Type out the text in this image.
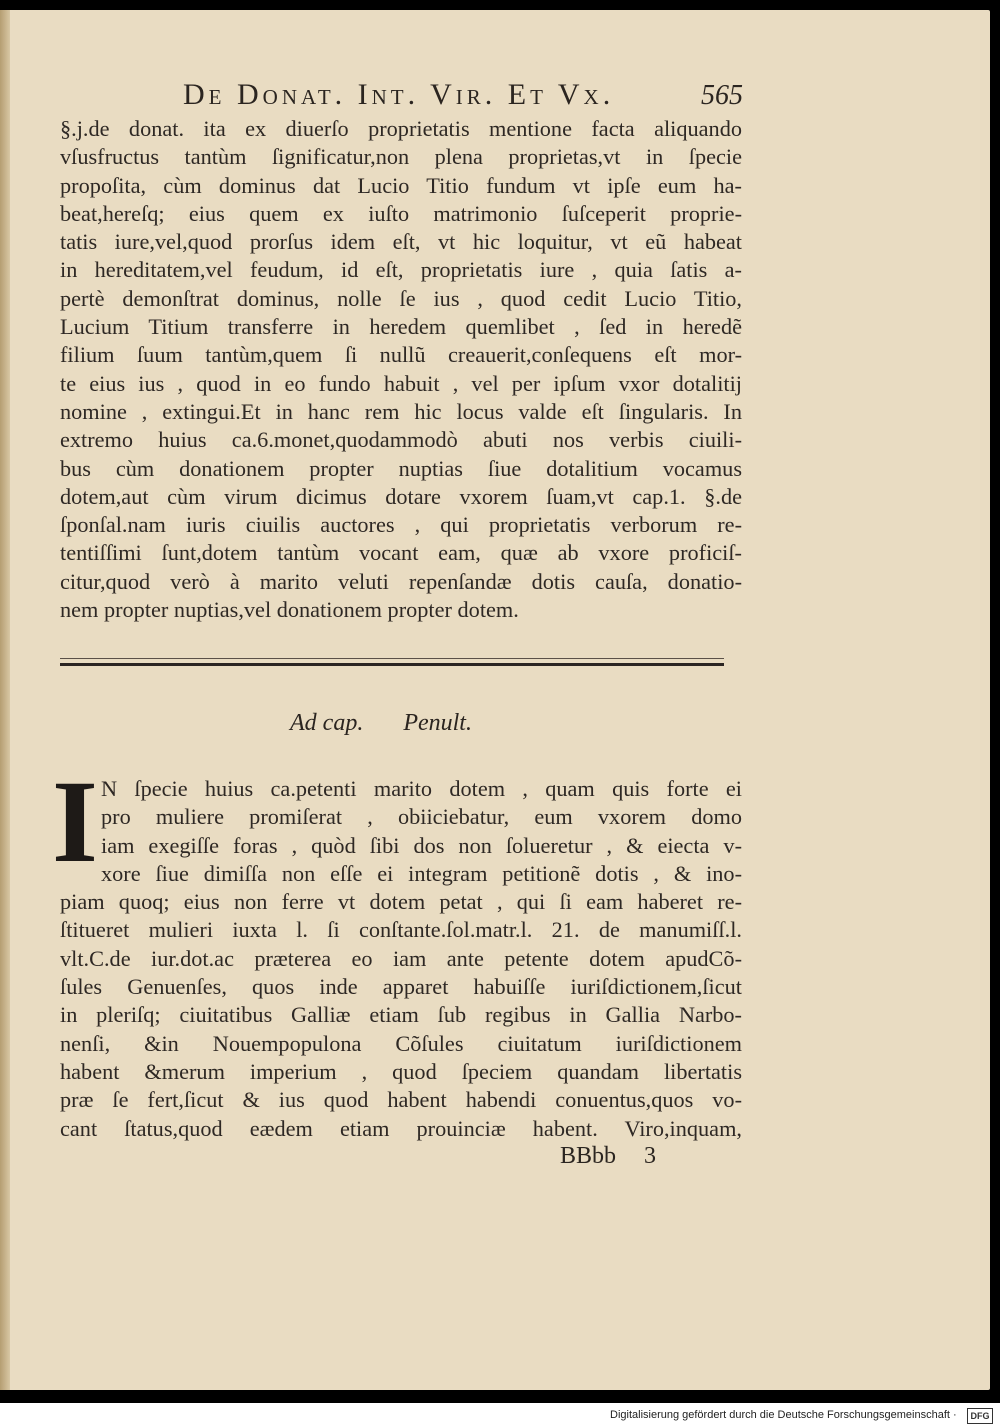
De Donat. Int. Vir. Et Vx.	565
§.j.de donat. ita ex diuerſo proprietatis mentione facta aliquando
vſusfructus tantùm ſignificatur,non plena proprietas,vt in ſpecie
propoſita, cùm dominus dat Lucio Titio fundum vt ipſe eum ha-
beat,hereſq; eius quem ex iuſto matrimonio ſuſceperit proprie-
tatis iure,vel,quod prorſus idem eſt, vt hic loquitur, vt eũ habeat
in hereditatem,vel feudum, id eſt, proprietatis iure , quia ſatis a-
pertè demonſtrat dominus, nolle ſe ius , quod cedit Lucio Titio,
Lucium Titium transferre in heredem quemlibet , ſed in heredẽ
filium ſuum tantùm,quem ſi nullũ creauerit,conſequens eſt mor-
te eius ius , quod in eo fundo habuit , vel per ipſum vxor dotalitij
nomine , extingui.Et in hanc rem hic locus valde eſt ſingularis. In
extremo huius ca.6.monet,quodammodò abuti nos verbis ciuili-
bus cùm donationem propter nuptias ſiue dotalitium vocamus
dotem,aut cùm virum dicimus dotare vxorem ſuam,vt cap.1. §.de
ſponſal.nam iuris ciuilis auctores , qui proprietatis verborum re-
tentiſſimi ſunt,dotem tantùm vocant eam, quæ ab vxore proficiſ-
citur,quod verò à marito veluti repenſandæ dotis cauſa, donatio-
nem propter nuptias,vel donationem propter dotem.
Ad cap. Penult.
I N ſpecie huius ca.petenti marito dotem , quam quis forte ei
pro muliere promiſerat , obiiciebatur, eum vxorem domo
iam exegiſſe foras , quòd ſibi dos non ſolueretur , & eiecta v-
xore ſiue dimiſſa non eſſe ei integram petitionẽ dotis , & ino-
piam quoq; eius non ferre vt dotem petat , qui ſi eam haberet re-
ſtitueret mulieri iuxta l. ſi conſtante.ſol.matr.l. 21. de manumiſſ.l.
vlt.C.de iur.dot.ac præterea eo iam ante petente dotem apudCõ-
ſules Genuenſes, quos inde apparet habuiſſe iuriſdictionem,ſicut
in pleriſq; ciuitatibus Galliæ etiam ſub regibus in Gallia Narbo-
nenſi, &in Nouempopulona Cõſules ciuitatum iuriſdictionem
habent &merum imperium , quod ſpeciem quandam libertatis
præ ſe fert,ſicut & ius quod habent habendi conuentus,quos vo-
cant ſtatus,quod eædem etiam prouinciæ habent. Viro,inquam,
BBbb 3
Digitalisierung gefördert durch die Deutsche Forschungsgemeinschaft ·	DFG
